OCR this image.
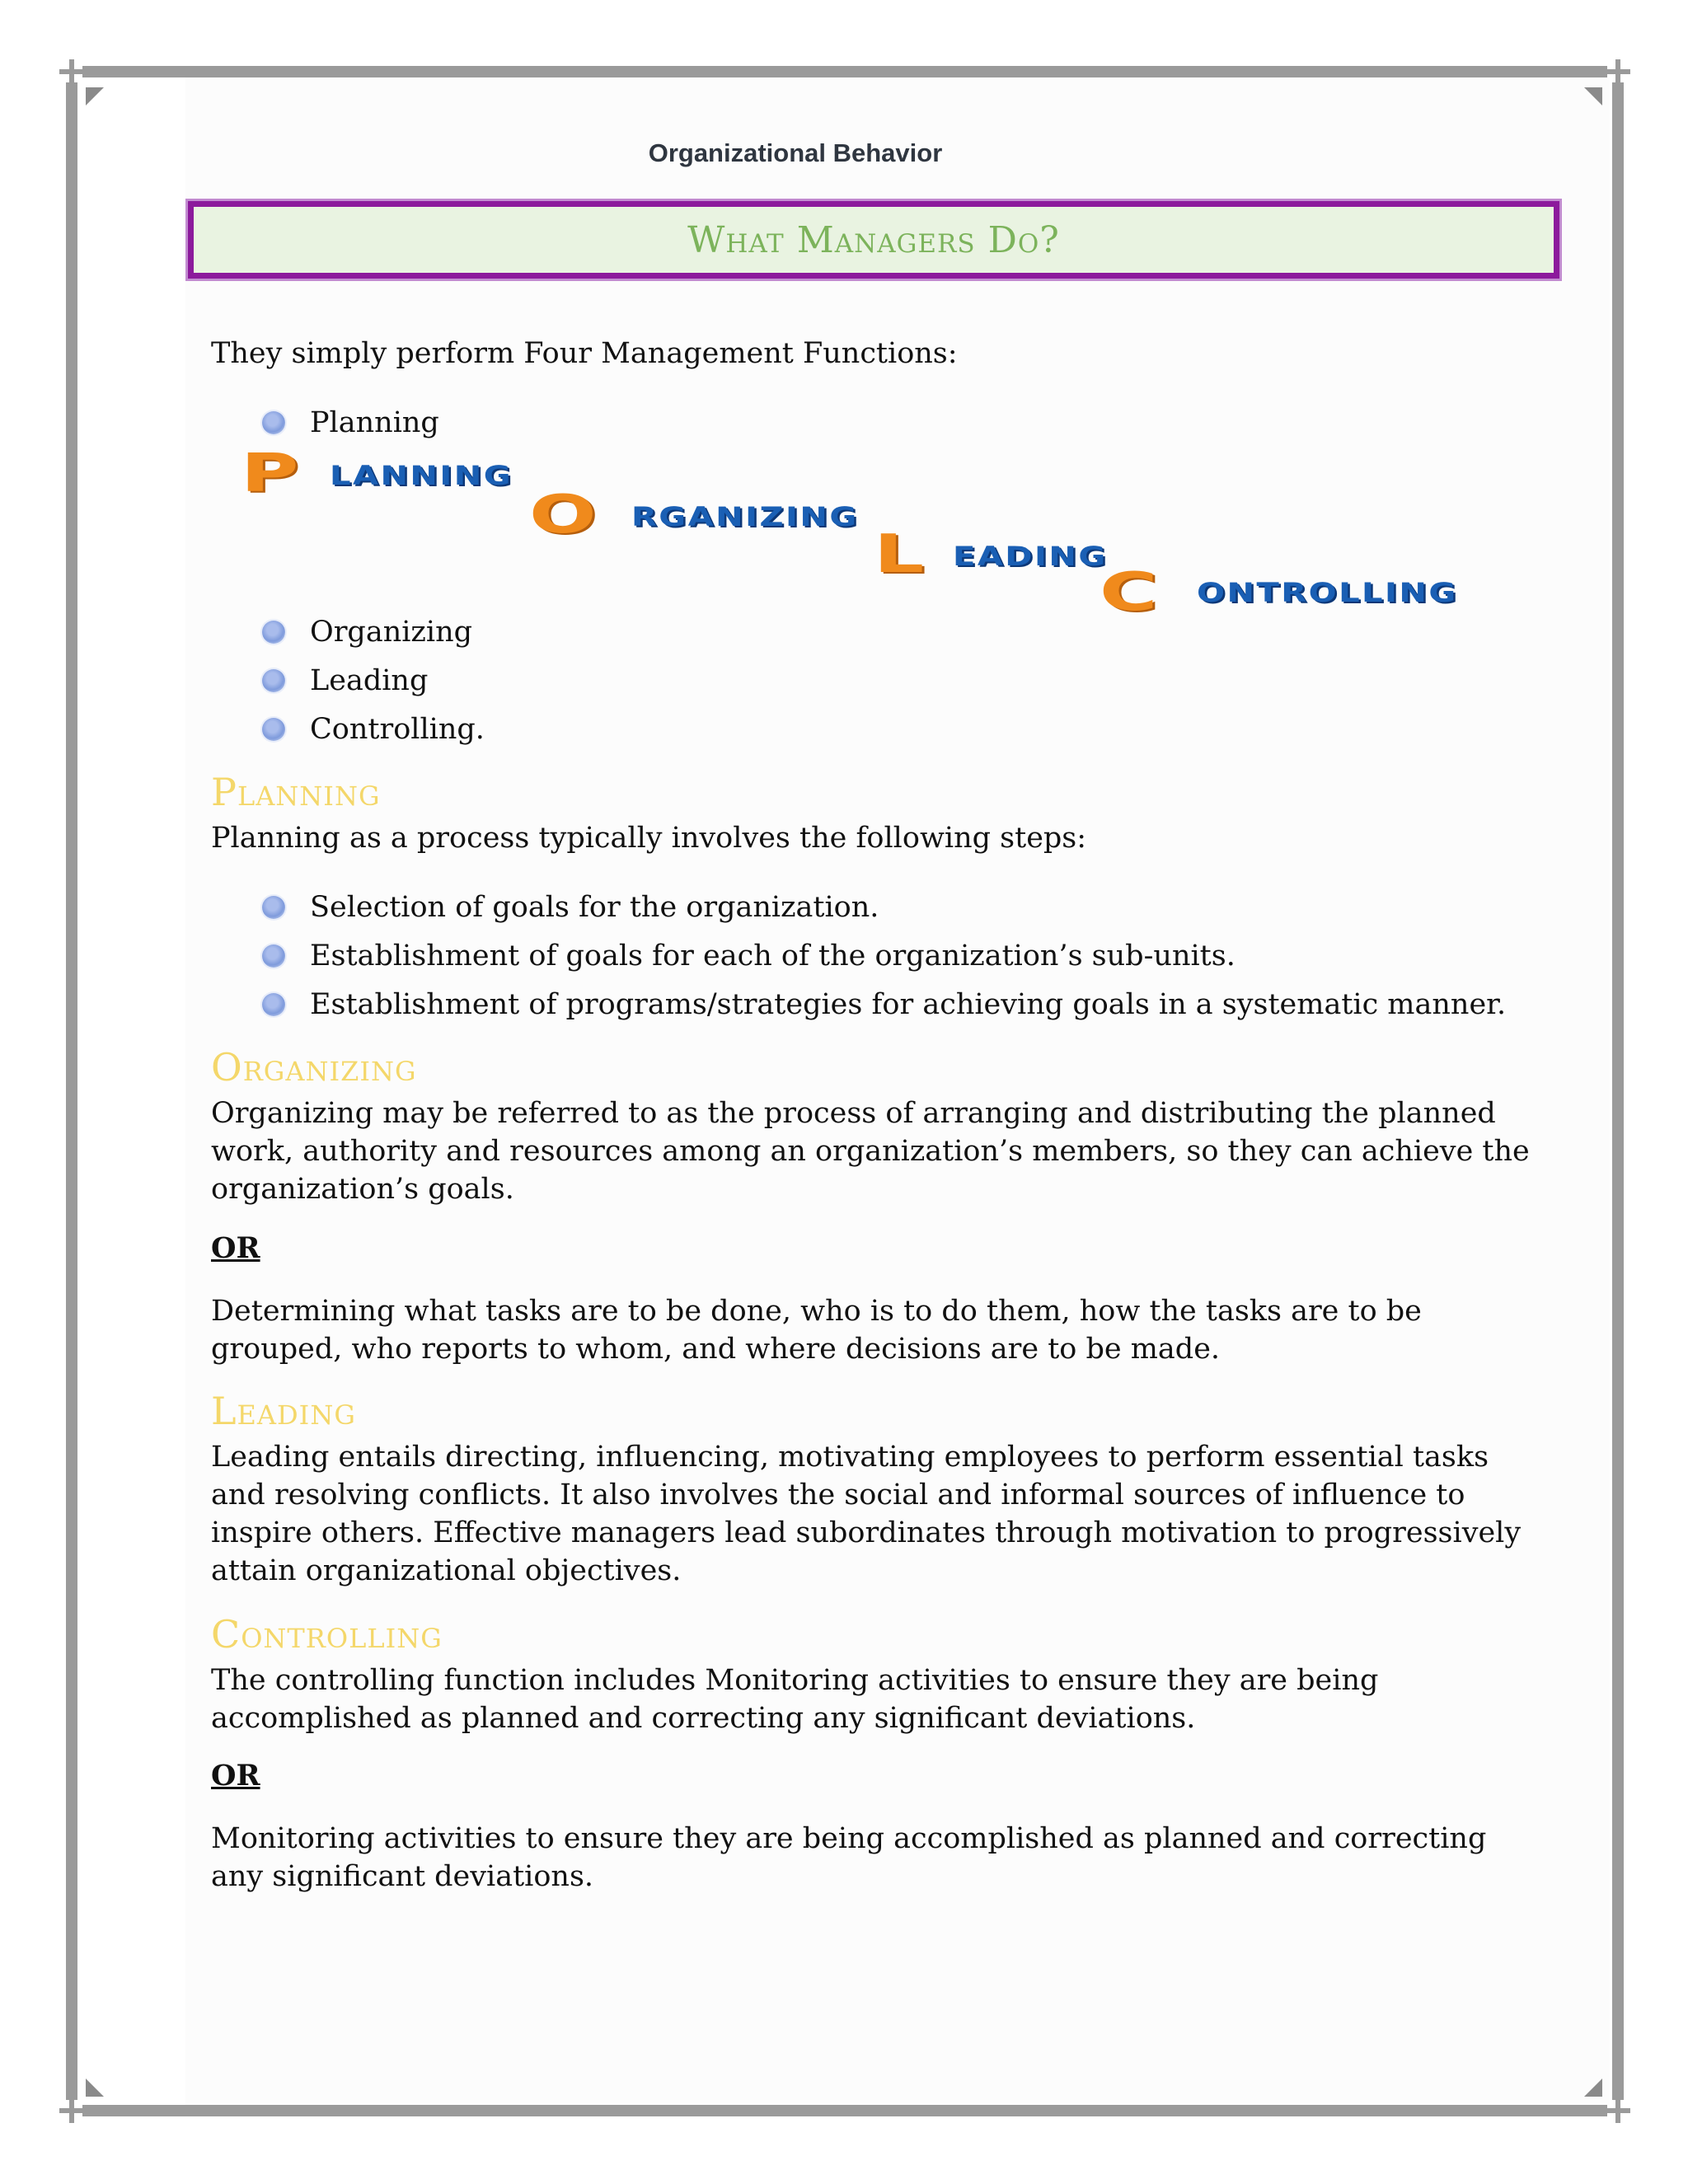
Organizational Behavior
What Managers Do?

They simply perform Four Management Functions:

Planning
P LANNING
O RGANIZING
L EADING
C ONTROLLING
Organizing
Leading
Controlling.
Planning

Planning as a process typically involves the following steps:

Selection of goals for the organization.
Establishment of goals for each of the organization’s sub-units.
Establishment of programs/strategies for achieving goals in a systematic manner.
Organizing

Organizing may be referred to as the process of arranging and distributing the planned work, authority and resources among an organization’s members, so they can achieve the organization’s goals.

OR

Determining what tasks are to be done, who is to do them, how the tasks are to be grouped, who reports to whom, and where decisions are to be made.

Leading

Leading entails directing, influencing, motivating employees to perform essential tasks and resolving conflicts. It also involves the social and informal sources of influence to inspire others. Effective managers lead subordinates through motivation to progressively attain organizational objectives.

Controlling

The controlling function includes Monitoring activities to ensure they are being accomplished as planned and correcting any significant deviations.

OR

Monitoring activities to ensure they are being accomplished as planned and correcting any significant deviations.
